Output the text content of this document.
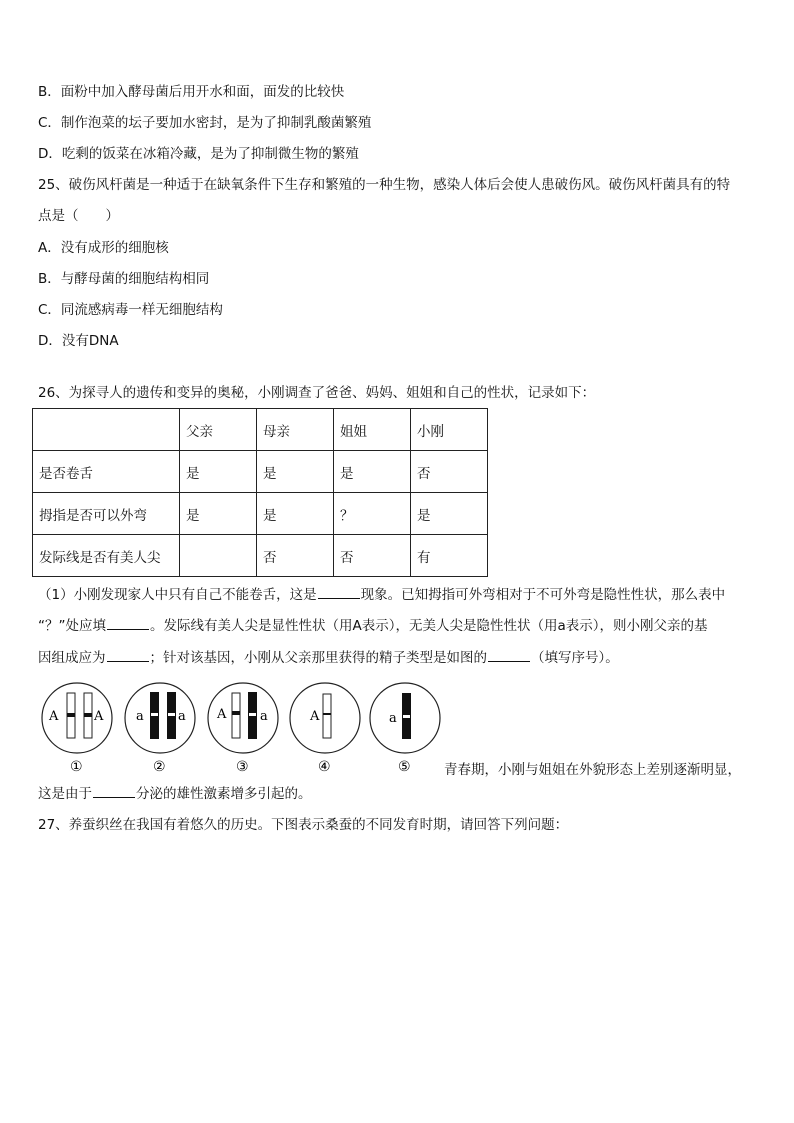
B．面粉中加入酵母菌后用开水和面，面发的比较快
C．制作泡菜的坛子要加水密封，是为了抑制乳酸菌繁殖
D．吃剩的饭菜在冰箱冷藏，是为了抑制微生物的繁殖
25、破伤风杆菌是一种适于在缺氧条件下生存和繁殖的一种生物，感染人体后会使人患破伤风。破伤风杆菌具有的特
点是（　　）
A．没有成形的细胞核
B．与酵母菌的细胞结构相同
C．同流感病毒一样无细胞结构
D．没有DNA
26、为探寻人的遗传和变异的奥秘，小刚调查了爸爸、妈妈、姐姐和自己的性状，记录如下：
	父亲	母亲	姐姐	小刚
是否卷舌	是	是	是	否
拇指是否可以外弯	是	是	？	是
发际线是否有美人尖		否	否	有
（1）小刚发现家人中只有自己不能卷舌，这是	现象。已知拇指可外弯相对于不可外弯是隐性性状，那么表中
“？”处应填	。发际线有美人尖是显性性状（用A表示），无美人尖是隐性性状（用a表示），则小刚父亲的基
因组成应为	；针对该基因，小刚从父亲那里获得的精子类型是如图的	（填写序号）。
A	A
①
a	a
②
A	a
③
A
④
a
⑤ 青春期，小刚与姐姐在外貌形态上差别逐渐明显，
这是由于	分泌的雄性激素增多引起的。
27、养蚕织丝在我国有着悠久的历史。下图表示桑蚕的不同发育时期，请回答下列问题：
